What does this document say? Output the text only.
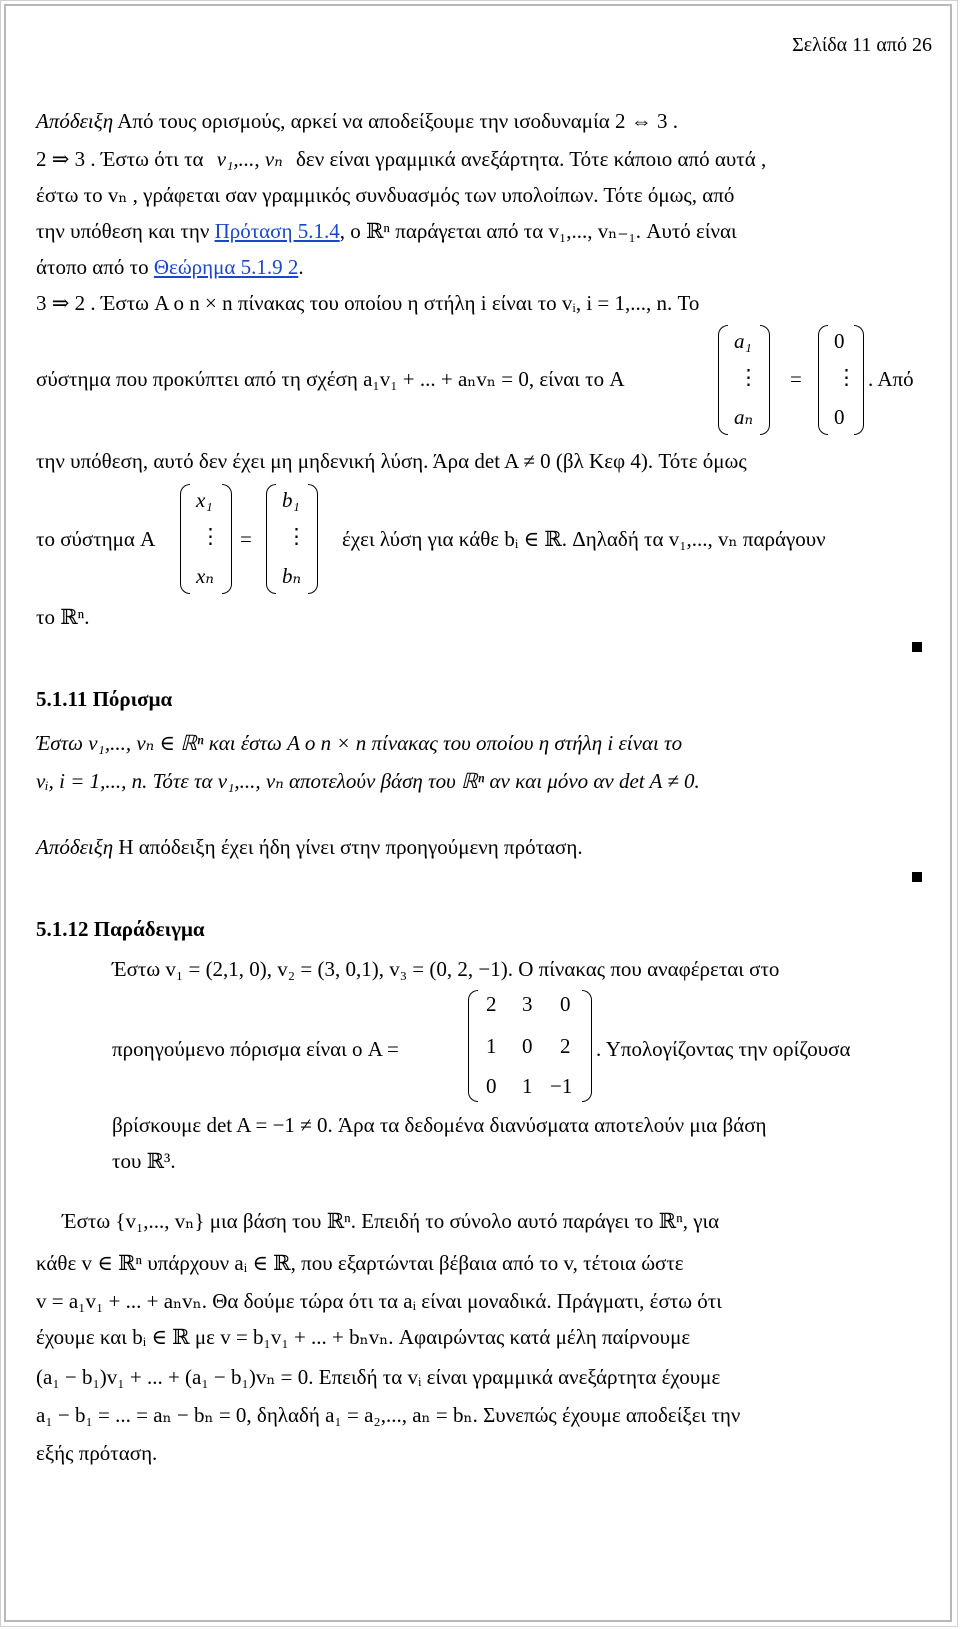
Σελίδα 11 από 26
Απόδειξη Από τους ορισμούς, αρκεί να αποδείξουμε την ισοδυναμία 2 ⇔ 3 .
2 ⇒ 3 . Έστω ότι τα v₁,..., vₙ δεν είναι γραμμικά ανεξάρτητα. Τότε κάποιο από αυτά ,
έστω το vₙ , γράφεται σαν γραμμικός συνδυασμός των υπολοίπων. Τότε όμως, από
την υπόθεση και την Πρόταση 5.1.4, ο ℝⁿ παράγεται από τα v₁,..., vₙ₋₁. Αυτό είναι
άτοπο από το Θεώρημα 5.1.9 2.
3 ⇒ 2 . Έστω A ο n × n πίνακας του οποίου η στήλη i είναι το vᵢ, i = 1,..., n. Το
σύστημα που προκύπτει από τη σχέση a₁v₁ + ... + aₙvₙ = 0, είναι το A
a₁
⋮
aₙ
=
0
⋮
0
. Από
την υπόθεση, αυτό δεν έχει μη μηδενική λύση. Άρα det A ≠ 0 (βλ Κεφ 4). Τότε όμως
το σύστημα A
x₁
⋮
xₙ
=
b₁
⋮
bₙ
έχει λύση για κάθε bᵢ ∈ ℝ. Δηλαδή τα v₁,..., vₙ παράγουν
το ℝⁿ.
5.1.11 Πόρισμα
Έστω v₁,..., vₙ ∈ ℝⁿ και έστω A ο n × n πίνακας του οποίου η στήλη i είναι το
vᵢ, i = 1,..., n. Τότε τα v₁,..., vₙ αποτελούν βάση του ℝⁿ αν και μόνο αν det A ≠ 0.
Απόδειξη Η απόδειξη έχει ήδη γίνει στην προηγούμενη πρόταση.
5.1.12 Παράδειγμα
Έστω v₁ = (2,1, 0), v₂ = (3, 0,1), v₃ = (0, 2, −1). Ο πίνακας που αναφέρεται στο
προηγούμενο πόρισμα είναι ο A =
2 3 0
1 0 2
0 1 −1
. Υπολογίζοντας την ορίζουσα
βρίσκουμε det A = −1 ≠ 0. Άρα τα δεδομένα διανύσματα αποτελούν μια βάση
του ℝ³.
Έστω {v₁,..., vₙ} μια βάση του ℝⁿ. Επειδή το σύνολο αυτό παράγει το ℝⁿ, για
κάθε v ∈ ℝⁿ υπάρχουν aᵢ ∈ ℝ, που εξαρτώνται βέβαια από το v, τέτοια ώστε
v = a₁v₁ + ... + aₙvₙ. Θα δούμε τώρα ότι τα aᵢ είναι μοναδικά. Πράγματι, έστω ότι
έχουμε και bᵢ ∈ ℝ με v = b₁v₁ + ... + bₙvₙ. Αφαιρώντας κατά μέλη παίρνουμε
(a₁ − b₁)v₁ + ... + (a₁ − b₁)vₙ = 0. Επειδή τα vᵢ είναι γραμμικά ανεξάρτητα έχουμε
a₁ − b₁ = ... = aₙ − bₙ = 0, δηλαδή a₁ = a₂,..., aₙ = bₙ. Συνεπώς έχουμε αποδείξει την
εξής πρόταση.
